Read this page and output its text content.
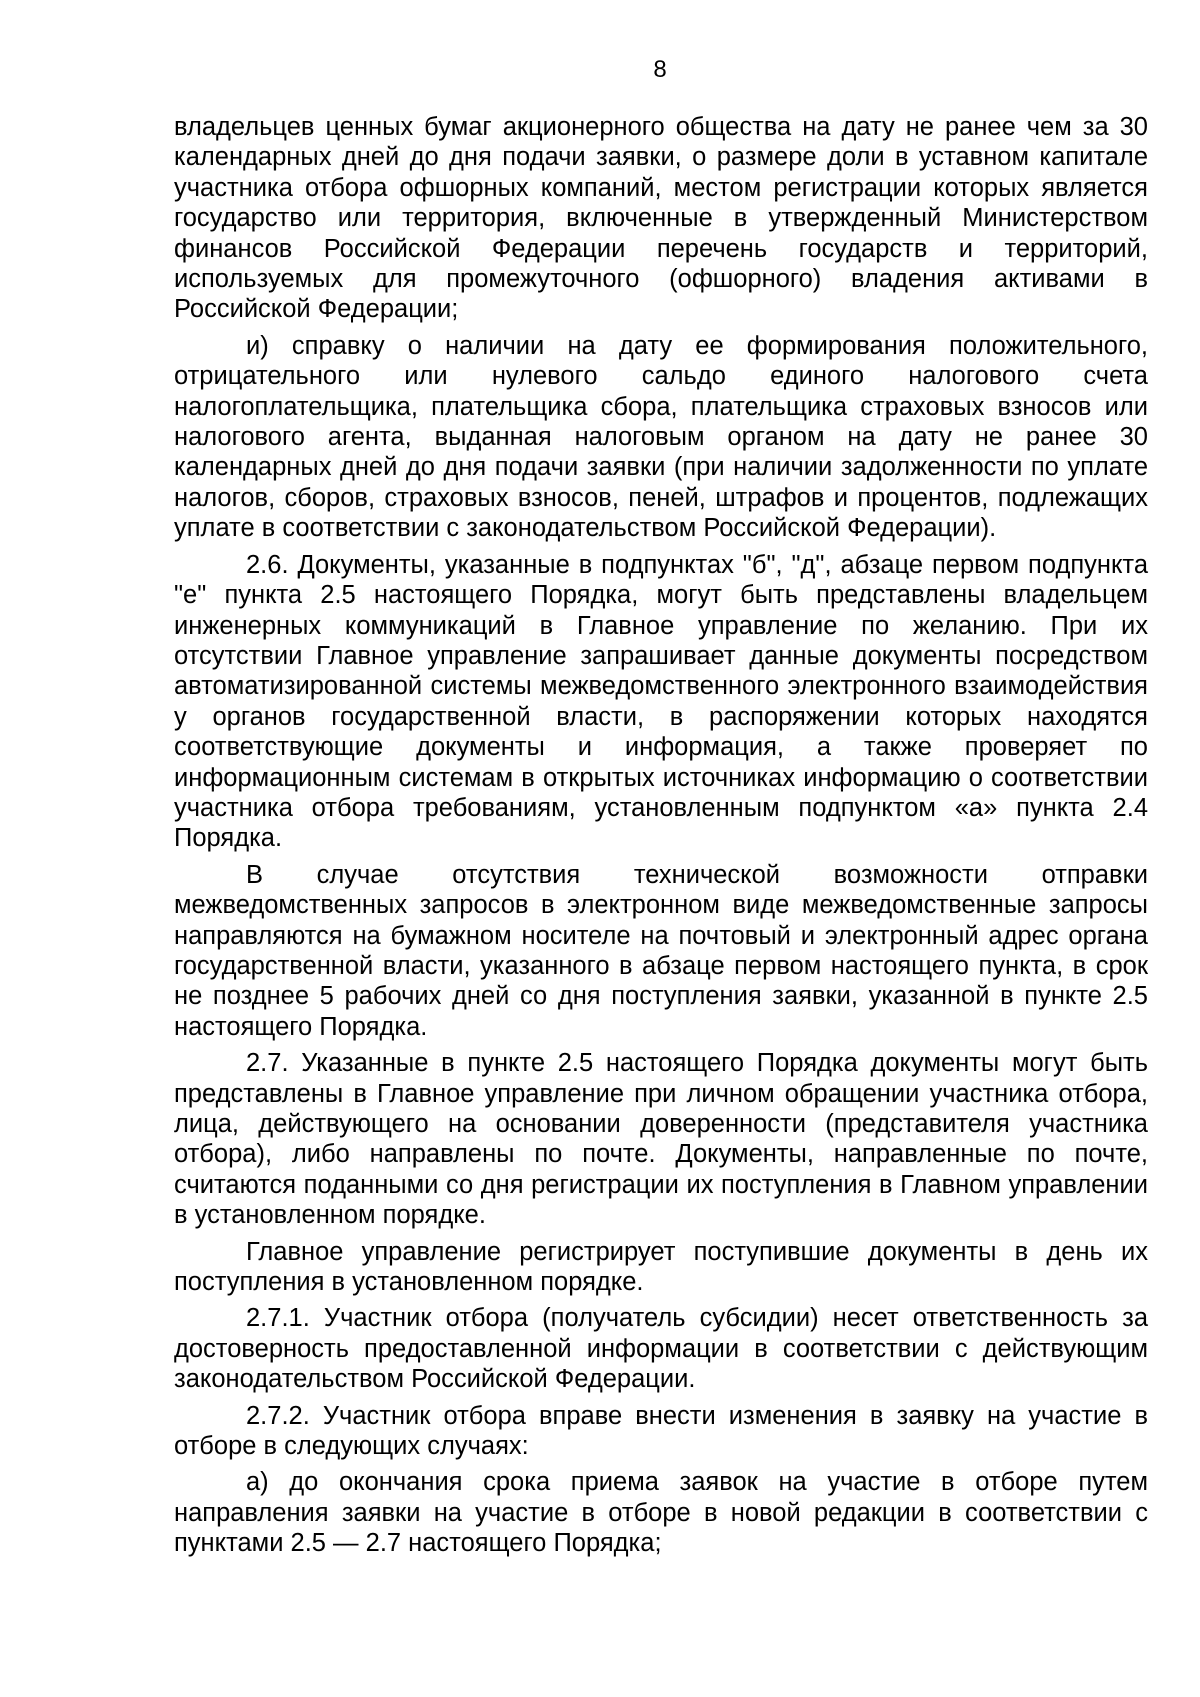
8

владельцев ценных бумаг акционерного общества на дату не ранее чем за 30 календарных дней до дня подачи заявки, о размере доли в уставном капитале участника отбора офшорных компаний, местом регистрации которых является государство или территория, включенные в утвержденный Министерством финансов Российской Федерации перечень государств и территорий, используемых для промежуточного (офшорного) владения активами в Российской Федерации;

и) справку о наличии на дату ее формирования положительного, отрицательного или нулевого сальдо единого налогового счета налогоплательщика, плательщика сбора, плательщика страховых взносов или налогового агента, выданная налоговым органом на дату не ранее 30 календарных дней до дня подачи заявки (при наличии задолженности по уплате налогов, сборов, страховых взносов, пеней, штрафов и процентов, подлежащих уплате в соответствии с законодательством Российской Федерации).

2.6. Документы, указанные в подпунктах "б", "д", абзаце первом подпункта "е" пункта 2.5 настоящего Порядка, могут быть представлены владельцем инженерных коммуникаций в Главное управление по желанию. При их отсутствии Главное управление запрашивает данные документы посредством автоматизированной системы межведомственного электронного взаимодействия у органов государственной власти, в распоряжении которых находятся соответствующие документы и информация, а также проверяет по информационным системам в открытых источниках информацию о соответствии участника отбора требованиям, установленным подпунктом «а» пункта 2.4 Порядка.

В случае отсутствия технической возможности отправки межведомственных запросов в электронном виде межведомственные запросы направляются на бумажном носителе на почтовый и электронный адрес органа государственной власти, указанного в абзаце первом настоящего пункта, в срок не позднее 5 рабочих дней со дня поступления заявки, указанной в пункте 2.5 настоящего Порядка.

2.7. Указанные в пункте 2.5 настоящего Порядка документы могут быть представлены в Главное управление при личном обращении участника отбора, лица, действующего на основании доверенности (представителя участника отбора), либо направлены по почте. Документы, направленные по почте, считаются поданными со дня регистрации их поступления в Главном управлении в установленном порядке.

Главное управление регистрирует поступившие документы в день их поступления в установленном порядке.

2.7.1. Участник отбора (получатель субсидии) несет ответственность за достоверность предоставленной информации в соответствии с действующим законодательством Российской Федерации.

2.7.2. Участник отбора вправе внести изменения в заявку на участие в отборе в следующих случаях:

а) до окончания срока приема заявок на участие в отборе путем направления заявки на участие в отборе в новой редакции в соответствии с пунктами 2.5 — 2.7 настоящего Порядка;
